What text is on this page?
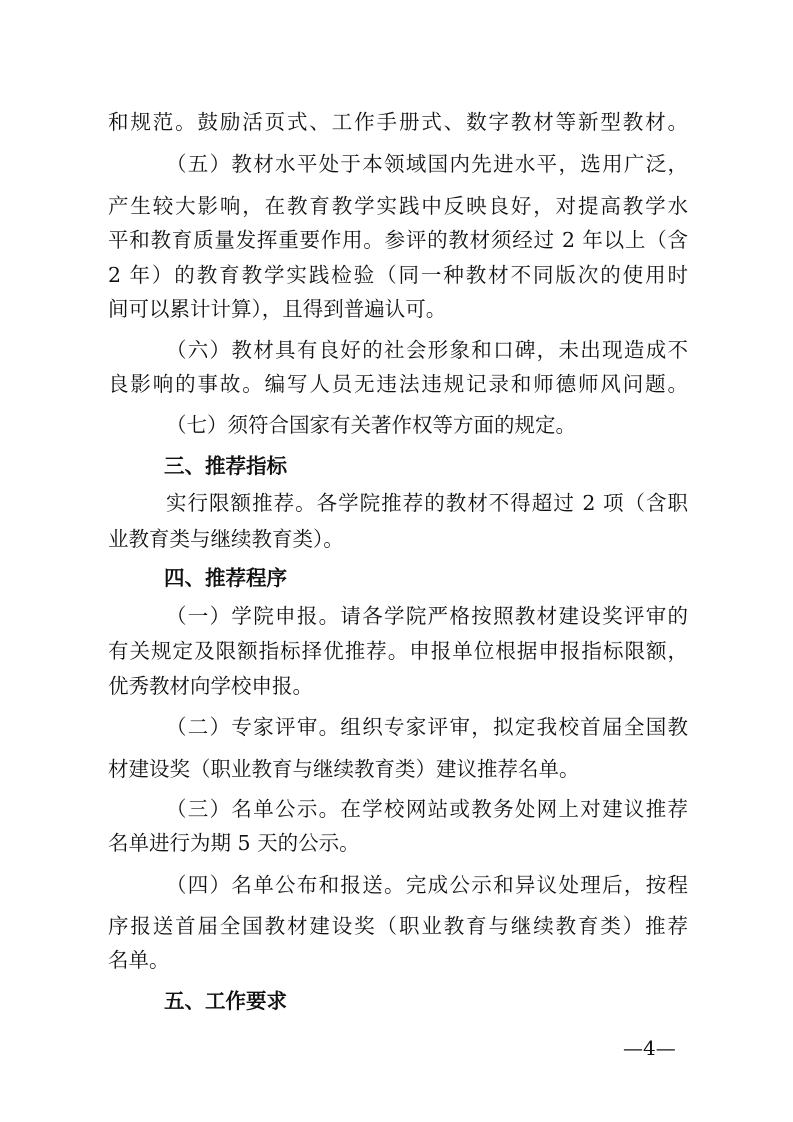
和规范。鼓励活页式、工作手册式、数字教材等新型教材。
（五）教材水平处于本领域国内先进水平，选用广泛，
产生较大影响，在教育教学实践中反映良好，对提高教学水
平和教育质量发挥重要作用。参评的教材须经过 2 年以上（含
2 年）的教育教学实践检验（同一种教材不同版次的使用时
间可以累计计算），且得到普遍认可。
（六）教材具有良好的社会形象和口碑，未出现造成不
良影响的事故。编写人员无违法违规记录和师德师风问题。
（七）须符合国家有关著作权等方面的规定。
三、推荐指标
实行限额推荐。各学院推荐的教材不得超过 2 项（含职
业教育类与继续教育类）。
四、推荐程序
（一）学院申报。请各学院严格按照教材建设奖评审的
有关规定及限额指标择优推荐。申报单位根据申报指标限额，
优秀教材向学校申报。
（二）专家评审。组织专家评审，拟定我校首届全国教
材建设奖（职业教育与继续教育类）建议推荐名单。
（三）名单公示。在学校网站或教务处网上对建议推荐
名单进行为期 5 天的公示。
（四）名单公布和报送。完成公示和异议处理后，按程
序报送首届全国教材建设奖（职业教育与继续教育类）推荐
名单。
五、工作要求
—4—
